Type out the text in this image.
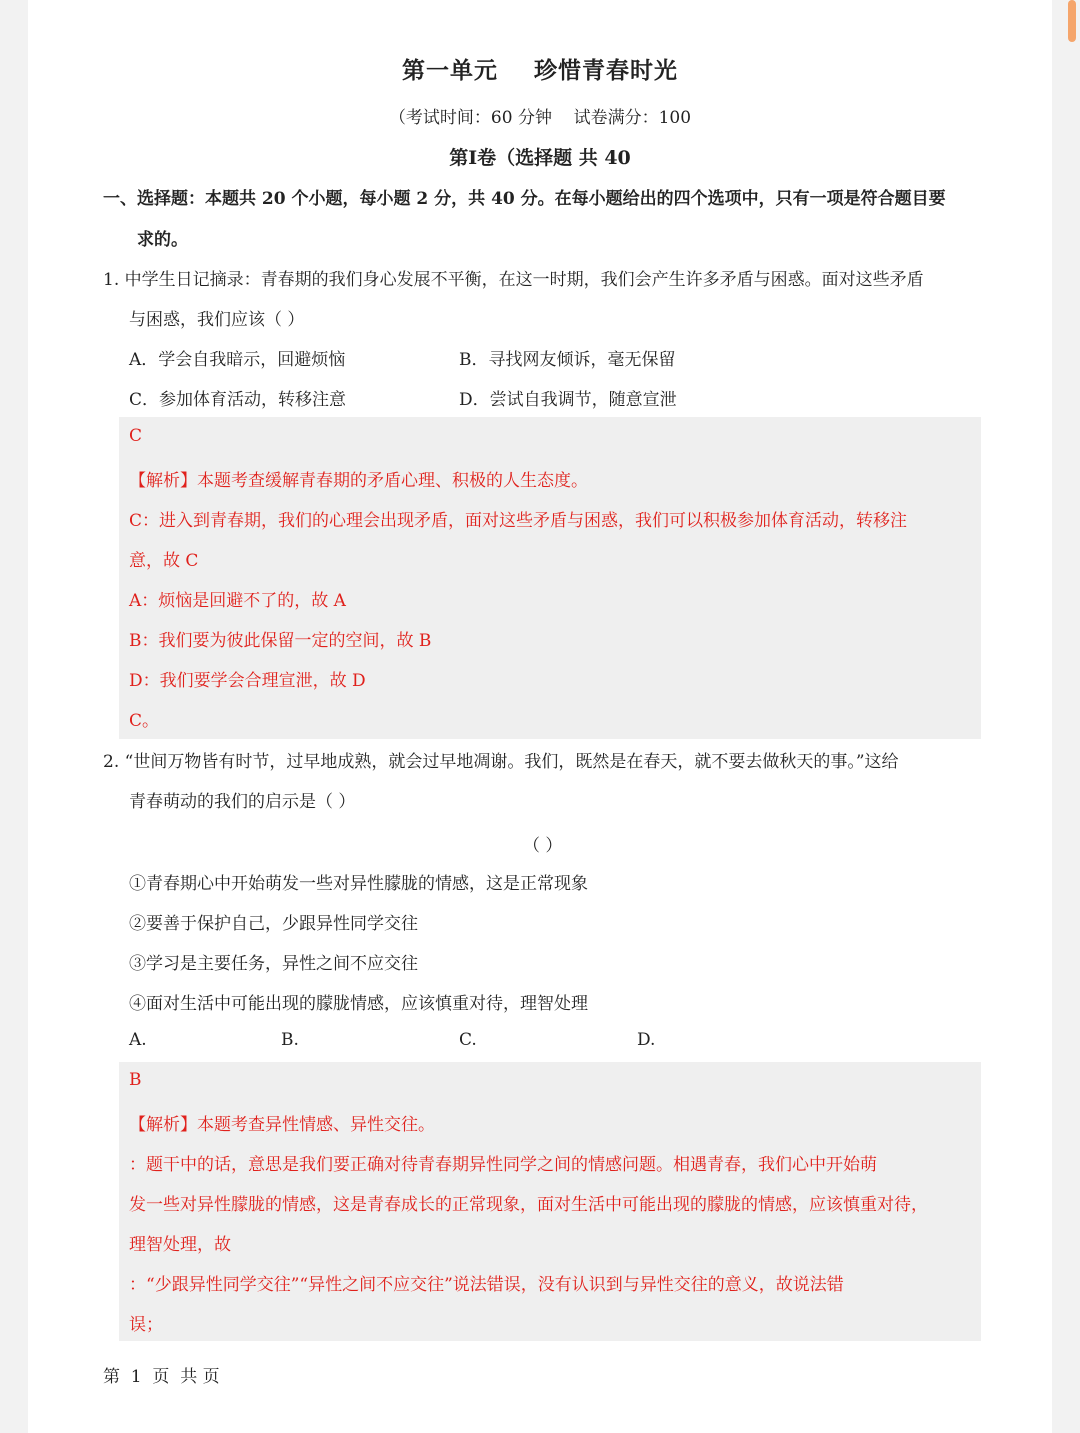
第一单元    珍惜青春时光
（考试时间：60 分钟    试卷满分：100
第Ⅰ卷（选择题 共 40
一、选择题：本题共 20 个小题，每小题 2 分，共 40 分。在每小题给出的四个选项中，只有一项是符合题目要
求的。
1. 中学生日记摘录：青春期的我们身心发展不平衡，在这一时期，我们会产生许多矛盾与困惑。面对这些矛盾
与困惑，我们应该（ ）
A．学会自我暗示，回避烦恼	B．寻找网友倾诉，毫无保留
C．参加体育活动，转移注意	D．尝试自我调节，随意宣泄
C
【解析】本题考查缓解青春期的矛盾心理、积极的人生态度。
C：进入到青春期，我们的心理会出现矛盾，面对这些矛盾与困惑，我们可以积极参加体育活动，转移注
意，故 C
A：烦恼是回避不了的，故 A
B：我们要为彼此保留一定的空间，故 B
D：我们要学会合理宣泄，故 D
C。
2. “世间万物皆有时节，过早地成熟，就会过早地凋谢。我们，既然是在春天，就不要去做秋天的事。”这给
青春萌动的我们的启示是（ ）
（ ）
①青春期心中开始萌发一些对异性朦胧的情感，这是正常现象
②要善于保护自己，少跟异性同学交往
③学习是主要任务，异性之间不应交往
④面对生活中可能出现的朦胧情感，应该慎重对待，理智处理
A.	B.	C.	D.
B
【解析】本题考查异性情感、异性交往。
：题干中的话，意思是我们要正确对待青春期异性同学之间的情感问题。相遇青春，我们心中开始萌
发一些对异性朦胧的情感，这是青春成长的正常现象，面对生活中可能出现的朦胧的情感，应该慎重对待，
理智处理，故
：“少跟异性同学交往”“异性之间不应交往”说法错误，没有认识到与异性交往的意义，故说法错
误；
第  1  页  共 页
